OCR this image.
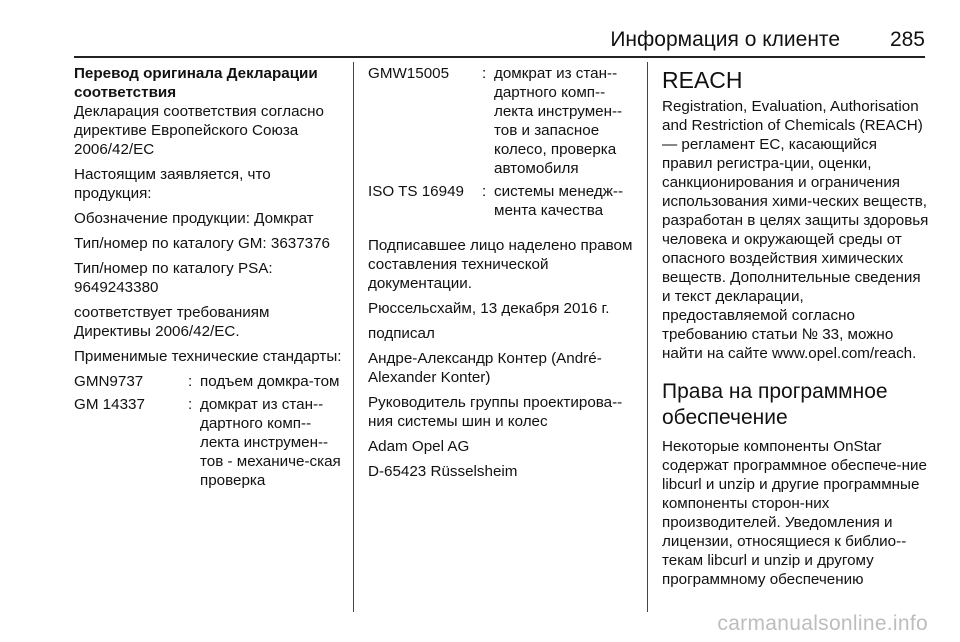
Информация о клиенте 285

Перевод оригинала Декларации соответствия

Декларация соответствия согласно директиве Европейского Союза 2006/42/EC

Настоящим заявляется, что продукция:

Обозначение продукции: Домкрат

Тип/номер по каталогу GM: 3637376

Тип/номер по каталогу PSA: 9649243380

соответствует требованиям Директивы 2006/42/EC.

Применимые технические стандарты:

GMN9737	:	подъем домкра-том
GM 14337	:	домкрат из стан-дартного комп-лекта инструмен-тов - механиче-ская проверка
GMW15005	:	домкрат из стан-дартного комп-лекта инструмен-тов и запасное колесо, проверка автомобиля
ISO TS 16949	:	системы менедж-мента качества

Подписавшее лицо наделено правом составления технической документации.

Рюссельсхайм, 13 декабря 2016 г.

подписал

Андре-Александр Контер (André-Alexander Konter)

Руководитель группы проектирова-ния системы шин и колес

Adam Opel AG

D-65423 Rüsselsheim

REACH

Registration, Evaluation, Authorisation and Restriction of Chemicals (REACH) — регламент ЕС, касающийся правил регистра-ции, оценки, санкционирования и ограничения использования хими-ческих веществ, разработан в целях защиты здоровья человека и окружающей среды от опасного воздействия химических веществ. Дополнительные сведения и текст декларации, предоставляемой согласно требованию статьи № 33, можно найти на сайте www.opel.com/reach.

Права на программное обеспечение

Некоторые компоненты OnStar содержат программное обеспече-ние libcurl и unzip и другие программные компоненты сторон-них производителей. Уведомления и лицензии, относящиеся к библио-текам libcurl и unzip и другому программному обеспечению

carmanualsonline.info
